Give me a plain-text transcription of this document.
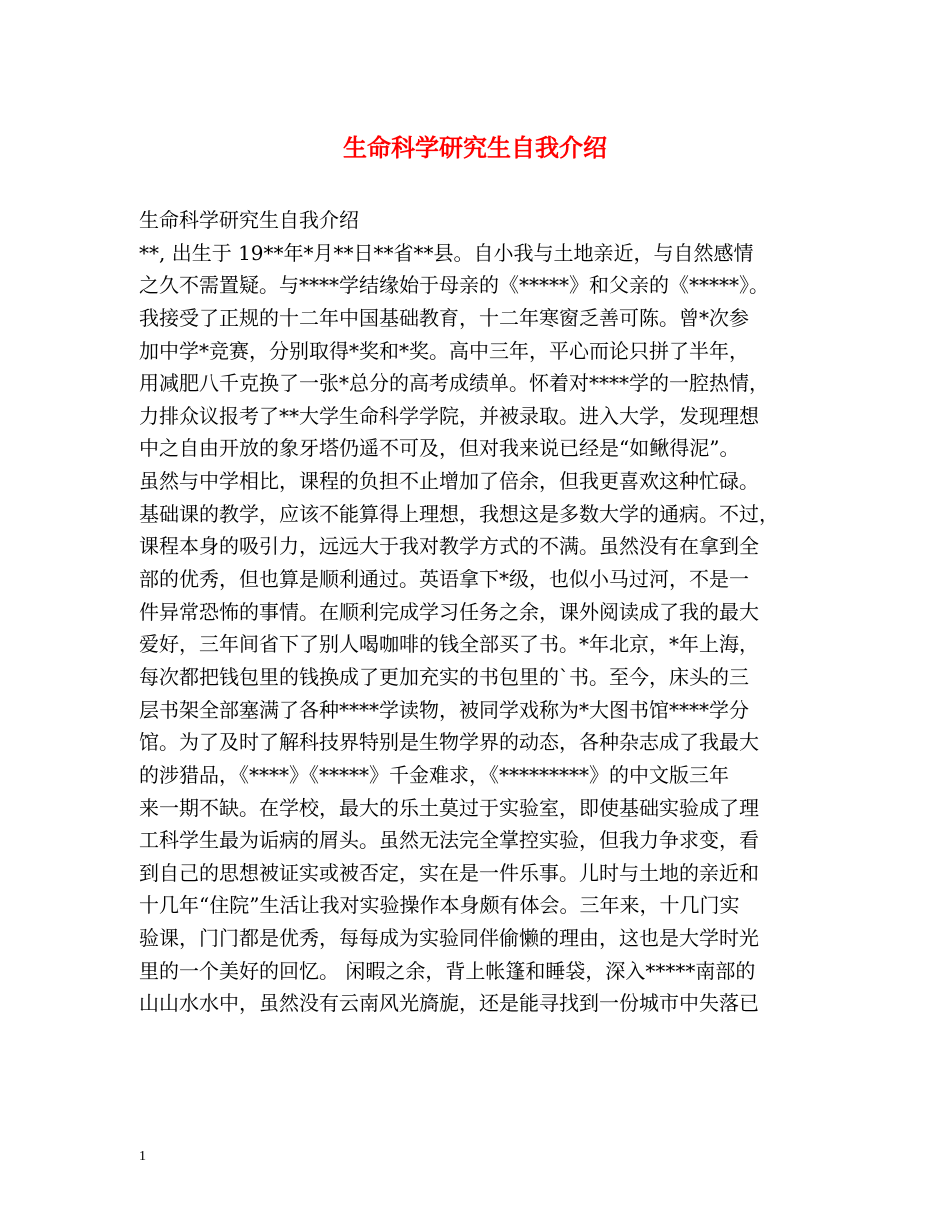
生命科学研究生自我介绍
生命科学研究生自我介绍
**, 出生于 19**年*月**日**省**县。自小我与土地亲近，与自然感情
之久不需置疑。与****学结缘始于母亲的《*****》和父亲的《*****》。
我接受了正规的十二年中国基础教育，十二年寒窗乏善可陈。曾*次参
加中学*竞赛，分别取得*奖和*奖。高中三年，平心而论只拼了半年，
用减肥八千克换了一张*总分的高考成绩单。怀着对****学的一腔热情，
力排众议报考了**大学生命科学学院，并被录取。进入大学，发现理想
中之自由开放的象牙塔仍遥不可及，但对我来说已经是“如鳅得泥”。
虽然与中学相比，课程的负担不止增加了倍余，但我更喜欢这种忙碌。
基础课的教学，应该不能算得上理想，我想这是多数大学的通病。不过，
课程本身的吸引力，远远大于我对教学方式的不满。虽然没有在拿到全
部的优秀，但也算是顺利通过。英语拿下*级，也似小马过河，不是一
件异常恐怖的事情。在顺利完成学习任务之余，课外阅读成了我的最大
爱好，三年间省下了别人喝咖啡的钱全部买了书。*年北京，*年上海，
每次都把钱包里的钱换成了更加充实的书包里的`书。至今，床头的三
层书架全部塞满了各种****学读物，被同学戏称为*大图书馆****学分
馆。为了及时了解科技界特别是生物学界的动态，各种杂志成了我最大
的涉猎品，《****》《*****》千金难求，《*********》的中文版三年
来一期不缺。在学校，最大的乐土莫过于实验室，即使基础实验成了理
工科学生最为诟病的屑头。虽然无法完全掌控实验，但我力争求变，看
到自己的思想被证实或被否定，实在是一件乐事。儿时与土地的亲近和
十几年“住院”生活让我对实验操作本身颇有体会。三年来，十几门实
验课，门门都是优秀，每每成为实验同伴偷懒的理由，这也是大学时光
里的一个美好的回忆。 闲暇之余，背上帐篷和睡袋，深入*****南部的
山山水水中，虽然没有云南风光旖旎，还是能寻找到一份城市中失落已
1
